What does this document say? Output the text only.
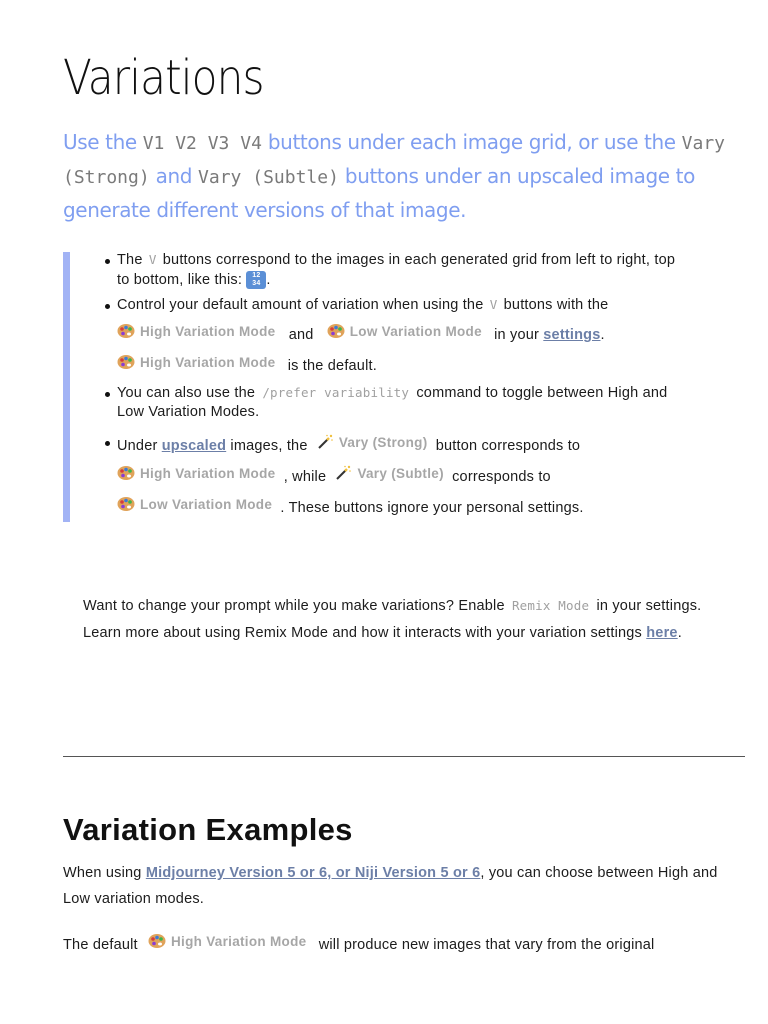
Variations

Use the V1 V2 V3 V4 buttons under each image grid, or use the Vary (Strong) and Vary (Subtle) buttons under an upscaled image to generate different versions of that image.

The V buttons correspond to the images in each generated grid from left to right, top
to bottom, like this: 12
34 .
Control your default amount of variation when using the V buttons with the
High Variation Mode and	Low Variation Mode in your settings.
High Variation Mode is the default.
You can also use the /prefer variability command to toggle between High and
Low Variation Modes.
Under upscaled images, the Vary (Strong) button corresponds to
High Variation Mode , while Vary (Subtle) corresponds to
Low Variation Mode . These buttons ignore your personal settings.
Want to change your prompt while you make variations? Enable Remix Mode in your settings. Learn more about using Remix Mode and how it interacts with your variation settings here.
Variation Examples

When using Midjourney Version 5 or 6, or Niji Version 5 or 6, you can choose between High and Low variation modes.

The default High Variation Mode will produce new images that vary from the original
